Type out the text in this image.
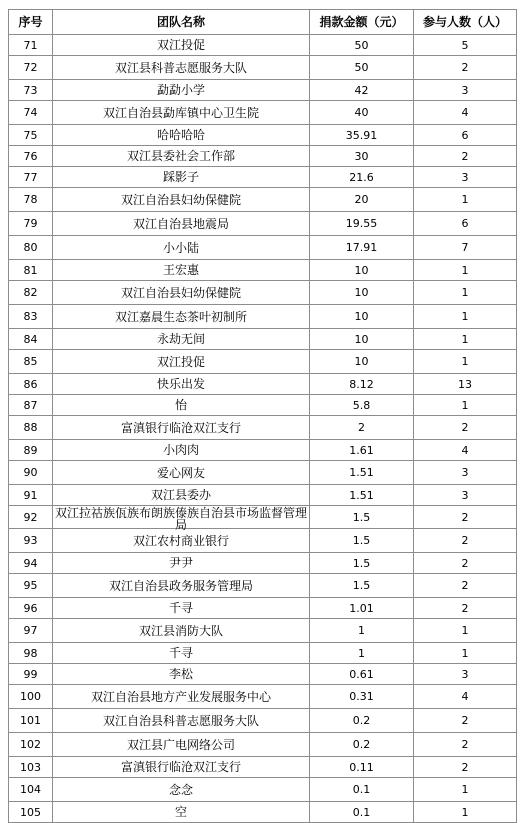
序号	团队名称	捐款金额（元）	参与人数（人）
71	双江投促	50	5
72	双江县科普志愿服务大队	50	2
73	勐勐小学	42	3
74	双江自治县勐库镇中心卫生院	40	4
75	哈哈哈哈	35.91	6
76	双江县委社会工作部	30	2
77	踩影子	21.6	3
78	双江自治县妇幼保健院	20	1
79	双江自治县地震局	19.55	6
80	小小陆	17.91	7
81	王宏惠	10	1
82	双江自治县妇幼保健院	10	1
83	双江嘉晨生态茶叶初制所	10	1
84	永劫无间	10	1
85	双江投促	10	1
86	快乐出发	8.12	13
87	怡	5.8	1
88	富滇银行临沧双江支行	2	2
89	小肉肉	1.61	4
90	爱心网友	1.51	3
91	双江县委办	1.51	3
92	双江拉祜族佤族布朗族傣族自治县市场监督管理局	1.5	2
93	双江农村商业银行	1.5	2
94	尹尹	1.5	2
95	双江自治县政务服务管理局	1.5	2
96	千寻	1.01	2
97	双江县消防大队	1	1
98	千寻	1	1
99	李松	0.61	3
100	双江自治县地方产业发展服务中心	0.31	4
101	双江自治县科普志愿服务大队	0.2	2
102	双江县广电网络公司	0.2	2
103	富滇银行临沧双江支行	0.11	2
104	念念	0.1	1
105	空	0.1	1
